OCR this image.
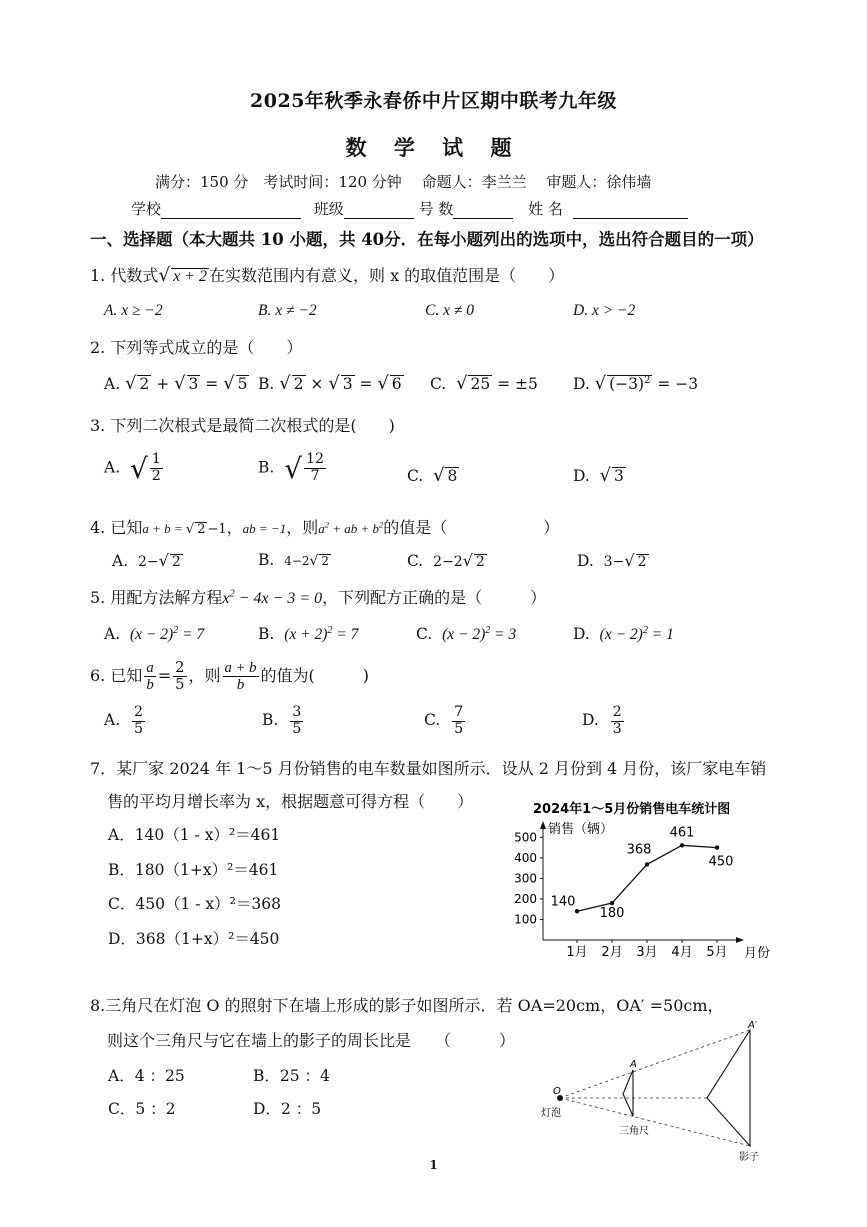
2025年秋季永春侨中片区期中联考九年级
数 学 试 题
满分：150 分　考试时间：120 分钟　 命题人：李兰兰　 审题人：徐伟墙
学校	班级	号 数	姓 名
一、选择题（本大题共 10 小题，共 40分．在每小题列出的选项中，选出符合题目的一项）
1. 代数式√ x + 2 在实数范围内有意义，则 x 的取值范围是（　　）
A. x ≥ −2	B. x ≠ −2	C. x ≠ 0	D. x > −2
2. 下列等式成立的是（　　）
A. √ 2 + √ 3 = √ 5 B. √ 2 × √ 3 = √ 6 C. √ 25 = ±5 D. √ $(-3)^2 = -3$
3. 下列二次根式是最简二次根式的是(　　)
A. √ $\frac{1}{2}$	B. √ $\frac{12}{7}$	C. √ 8	D. √ 3
4. 已知a + b = √ 2 −1，ab = −1，则$a^2$ + ab + $b^2$的值是（　　　　　　）
A. 2−√ 2	B. 4−2√ 2	C. 2−2√ 2	D. 3−√ 2
5. 用配方法解方程$x^2 - 4x - 3 = 0$，下列配方正确的是（　　　）
A. $(x - 2)^2 = 7$	B. $(x + 2)^2 = 7$	C. $(x - 2)^2 = 3$	D. $(x - 2)^2 = 1$
6. 已知 $\frac{a}{b} = \frac{2}{5}$ ，则 $\frac{a + b}{b}$ 的值为(　　　)
A. $\frac{2}{5}$	B. $\frac{3}{5}$	C. $\frac{7}{5}$	D. $\frac{2}{3}$
7．某厂家 2024 年 1～5 月份销售的电车数量如图所示．设从 2 月份到 4 月份，该厂家电车销
售的平均月增长率为 x，根据题意可得方程（　　）
A．140（1 - x）²＝461
B．180（1+x）²＝461
C．450（1 - x）²＝368
D．368（1+x）²＝450
2024年1～5月份销售电车统计图
销售（辆）
月份
100
200
300
400
500
1月
140
2月
180
3月
368
4月
461
5月
450
8.三角尺在灯泡 O 的照射下在墙上形成的影子如图所示．若 OA=20cm，OA′ =50cm，
则这个三角尺与它在墙上的影子的周长比是　　（　　　）
A．4 ：25	B．25 ：4
C．5 ：2	D．2 ：5
O
A
A′
灯泡
三角尺
影子
1
